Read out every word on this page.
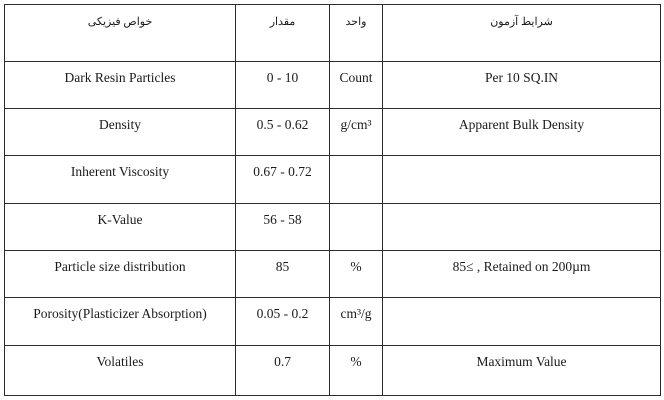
خواص فیزیکی	مقدار	واحد	شرایط آزمون
Dark Resin Particles	0 - 10	Count	Per 10 SQ.IN
Density	0.5 - 0.62	g/cm³	Apparent Bulk Density
Inherent Viscosity	0.67 - 0.72		
K-Value	56 - 58		
Particle size distribution	85	%	85≤ , Retained on 200µm
Porosity(Plasticizer Absorption)	0.05 - 0.2	cm³/g	
Volatiles	0.7	%	Maximum Value
